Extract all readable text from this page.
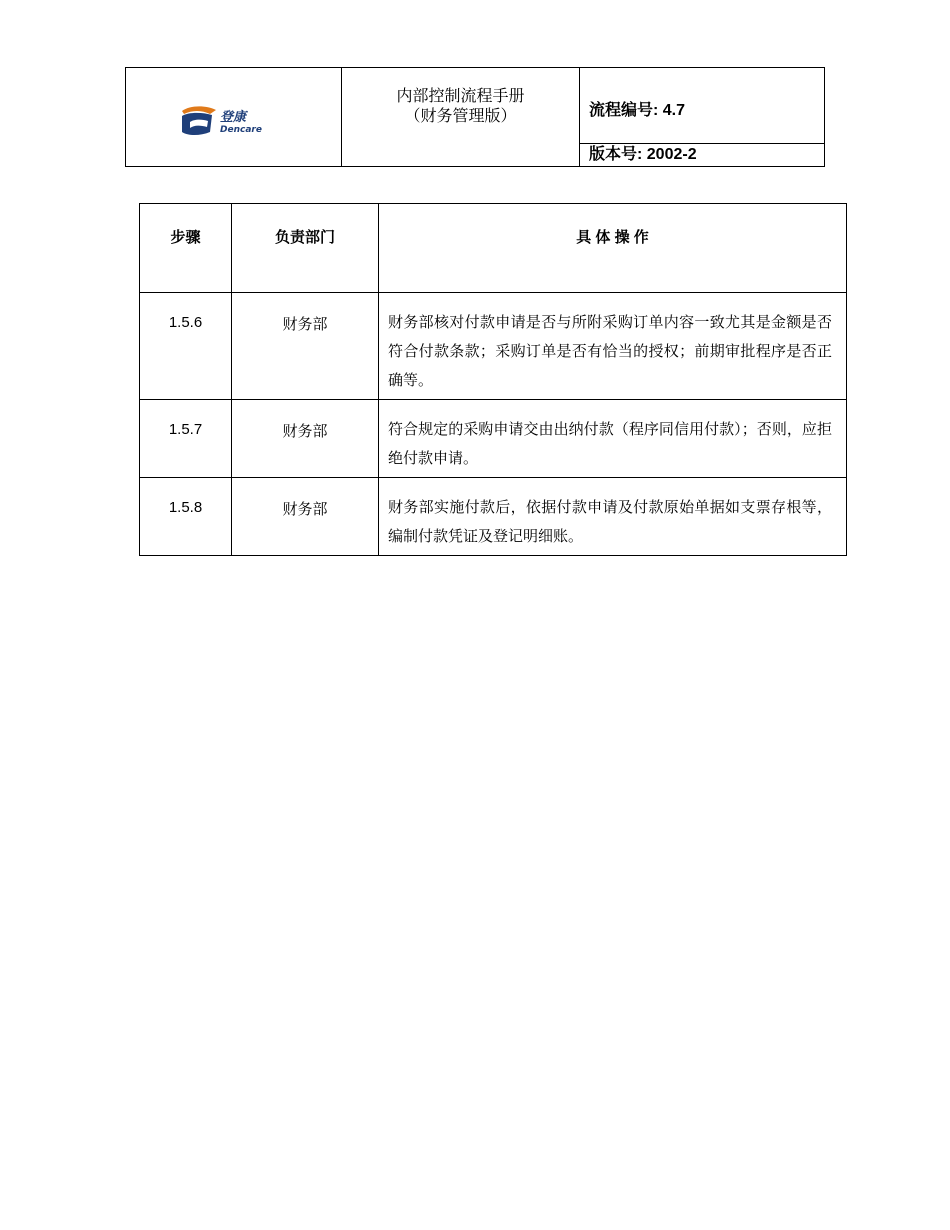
登康
Dencare
内部控制流程手册
（财务管理版）	流程编号: 4.7
版本号: 2002-2
步骤	负责部门	具 体 操 作
1.5.6	财务部	财务部核对付款申请是否与所附采购订单内容一致尤其是金额是否符合付款条款；采购订单是否有恰当的授权；前期审批程序是否正确等。
1.5.7	财务部	符合规定的采购申请交由出纳付款（程序同信用付款）；否则，应拒绝付款申请。
1.5.8	财务部	财务部实施付款后，依据付款申请及付款原始单据如支票存根等，编制付款凭证及登记明细账。
